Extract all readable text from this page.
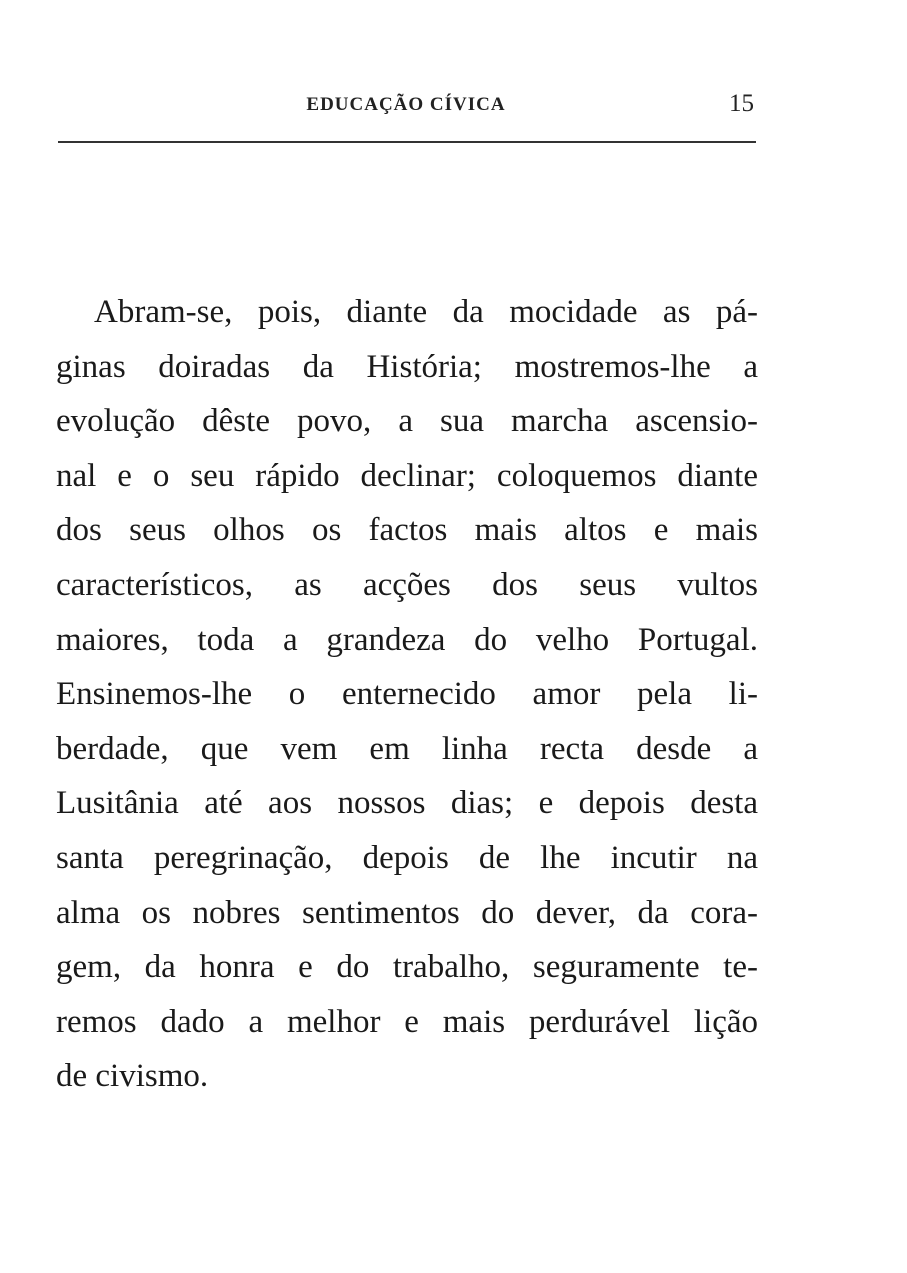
EDUCAÇÃO CÍVICA	15
Abram-se, pois, diante da mocidade as pá-
ginas doiradas da História; mostremos-lhe a
evolução dêste povo, a sua marcha ascensio-
nal e o seu rápido declinar; coloquemos diante
dos seus olhos os factos mais altos e mais
característicos, as acções dos seus vultos
maiores, toda a grandeza do velho Portugal.
Ensinemos-lhe o enternecido amor pela li-
berdade, que vem em linha recta desde a
Lusitânia até aos nossos dias; e depois desta
santa peregrinação, depois de lhe incutir na
alma os nobres sentimentos do dever, da cora-
gem, da honra e do trabalho, seguramente te-
remos dado a melhor e mais perdurável lição
de civismo.
